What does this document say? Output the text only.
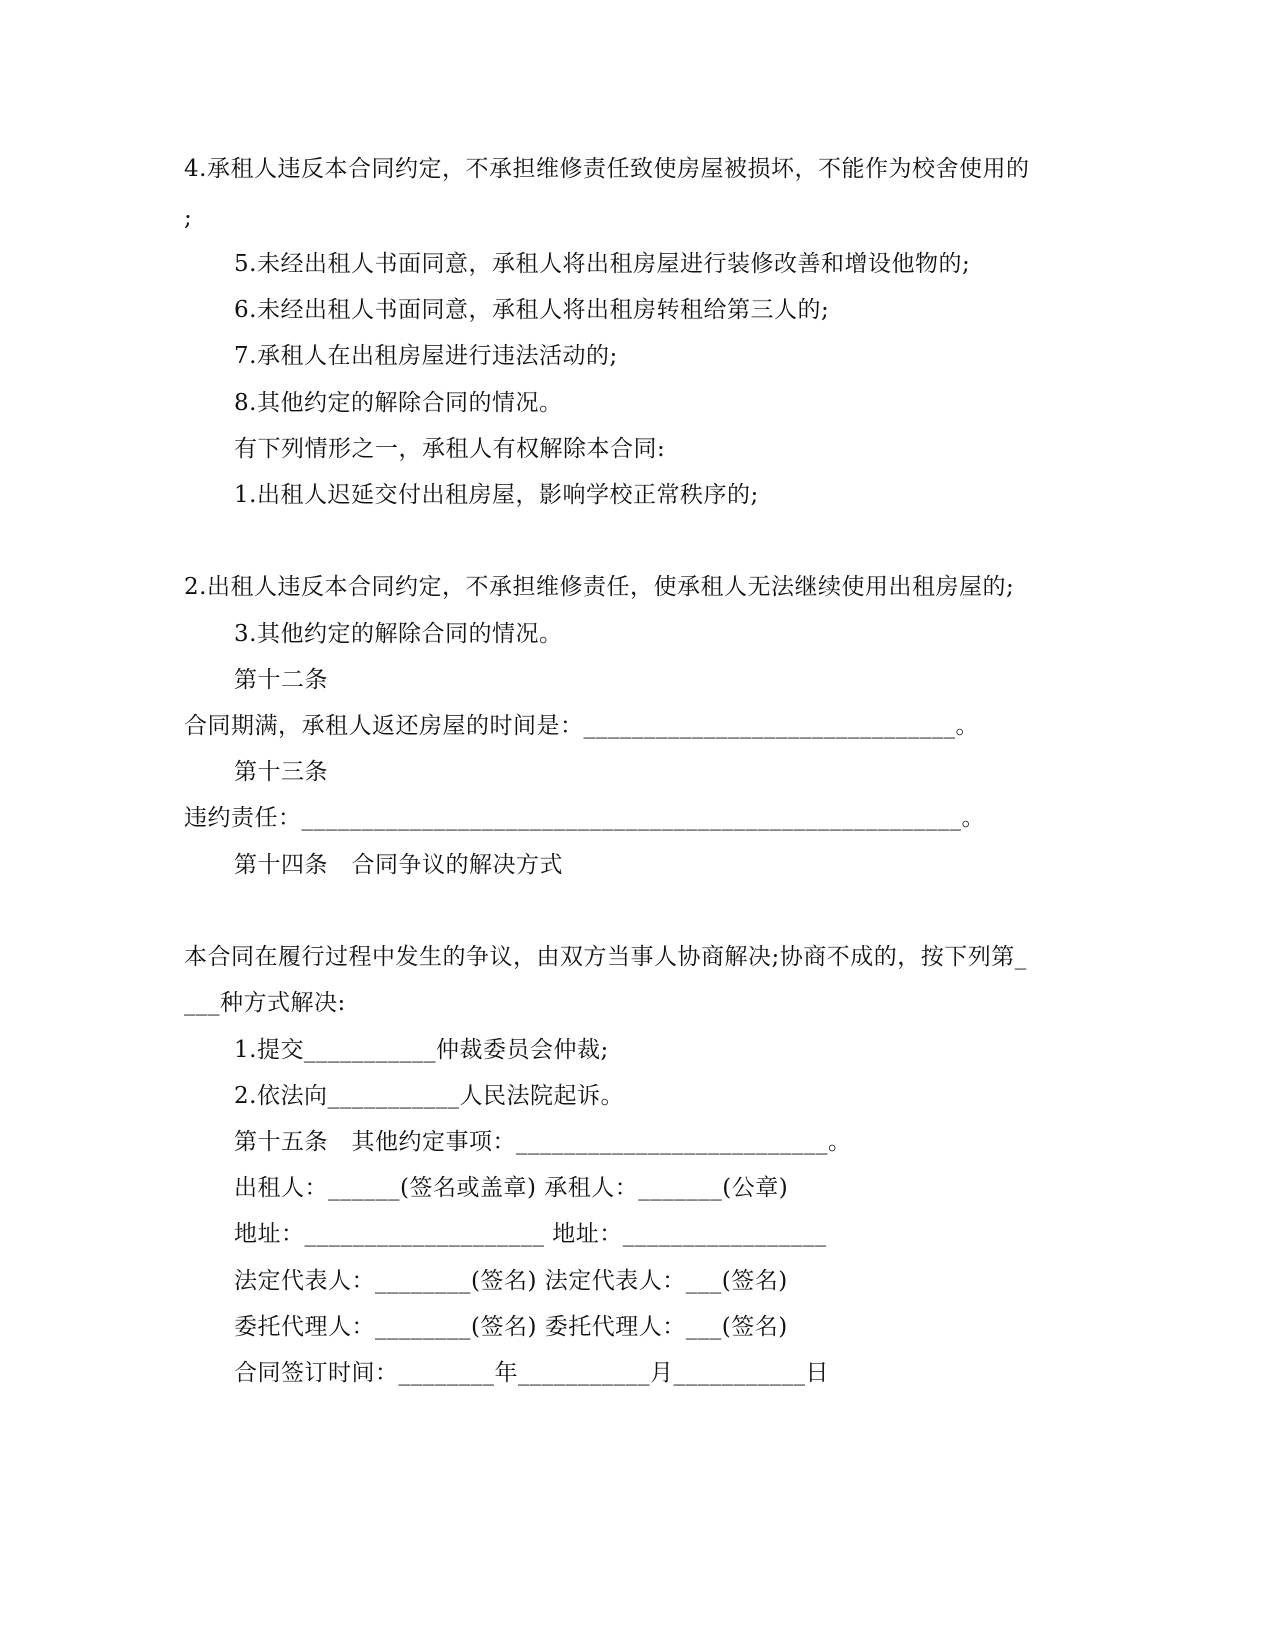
4.承租人违反本合同约定，不承担维修责任致使房屋被损坏，不能作为校舍使用的
;
5.未经出租人书面同意，承租人将出租房屋进行装修改善和增设他物的;
6.未经出租人书面同意，承租人将出租房转租给第三人的;
7.承租人在出租房屋进行违法活动的;
8.其他约定的解除合同的情况。
有下列情形之一，承租人有权解除本合同:
1.出租人迟延交付出租房屋，影响学校正常秩序的;
2.出租人违反本合同约定，不承担维修责任，使承租人无法继续使用出租房屋的;
3.其他约定的解除合同的情况。
第十二条
合同期满，承租人返还房屋的时间是：_______________________________。
第十三条
违约责任：_______________________________________________________。
第十四条　合同争议的解决方式
本合同在履行过程中发生的争议，由双方当事人协商解决;协商不成的，按下列第_
___种方式解决:
1.提交___________仲裁委员会仲裁;
2.依法向___________人民法院起诉。
第十五条　其他约定事项：__________________________。
出租人：______(签名或盖章) 承租人：_______(公章)
地址：____________________ 地址：_________________
法定代表人：________(签名) 法定代表人：___(签名)
委托代理人：________(签名) 委托代理人：___(签名)
合同签订时间：________年___________月___________日
